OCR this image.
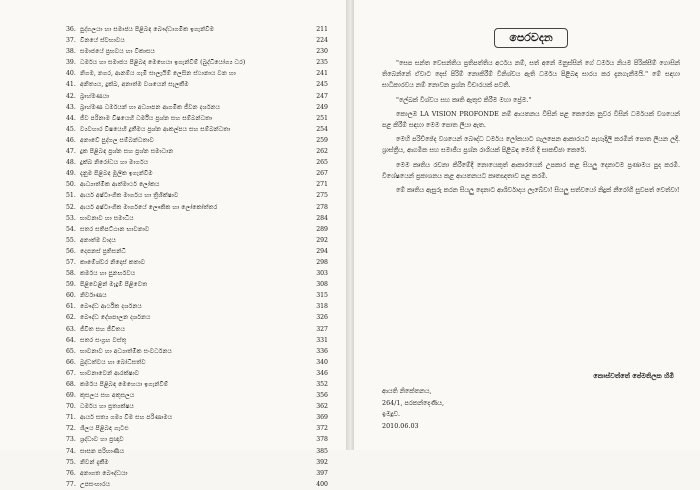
36. පුද්ගලයා හා සමාජය පිළිබඳ බෞද්ධාගමික ඉගැන්වීම	211
37. විනයේ ස්වභාවය	224
38. සමාජයේ ප්‍රභවය හා විකාසය	230
39. ධර්මය හා සමාජය පිළිබඳ මෙහෙයා ඉගැන්වීම් (බුද්ධියෝග්‍ය ධර)	235
40. නිගම, නගර, ආනම්ය ගැමි සාලැයිම් ලෙසින ස්ථානාය වන හා	241
41. අනිත්‍යය, දුක්ඛ, අනාත්ම වශයෙන් සැලකීම	245
42. බ්‍රාහ්මණයා	247
43. බ්‍රාහ්මණ ධර්මයන් හා අධ්‍යාපන ආගමික ජීවන දර්ශනය	249
44. ජීව පරිනාම විෂයෙහි ධර්මීය ප්‍රශ්න සහ සම්බන්ධතා	251
45. ව්‍යවහාර විෂයෙහි දූතීමය ප්‍රශ්න ආකල්පය සහ සම්බන්ධතා	254
46. අනාවේ පුද්ගල සම්බන්ධතාව	259
47. දුක පිළිබඳ ප්‍රශ්න සහ ප්‍රශ්න සමාධාන	262
48. දුක්ඛ නිරෝධය හා මාර්ගය	265
49. දැනුම පිළිබඳ මූලික ඉගැන්වීම	267
50. ආධ්‍යාත්මික ආත්මාර්ථ ලෝකය	271
51. ආර්ය අෂ්ටාංගික මාර්ගය හා ත්‍රිශික්ෂාව	275
52. ආර්ය අෂ්ටාංගික මාර්ගයේ ලෞකික හා ලෝකෝත්තර	278
53. භාවනාව හා සමාධිය	284
54. සතර සතිපට්ඨාන භාවනාව	289
55. අනාත්ම වාදය	292
56. දෙපනස් ප්‍රතිසන්ධි	294
57. කාමේශ්වර නිදොස් කතාව	298
58. කර්මය හා පුනර්භවය	303
59. පිළිවෙළින් මැදුම් පිළිවෙත	308
60. නිර්වාණය	315
61. බෞද්ධ ආර්ථික දර්ශනය	318
62. බෞද්ධ දේශපාලන දර්ශනය	326
63. ජීවිත සහ ජීවිතය	327
64. සතර සංග්‍රහ වස්තු	331
65. භාවනාව හා අධ්‍යාත්මික සංවර්ධනය	336
66. බුද්ධත්වය හා බෝධිසත්ව	340
67. භාවනාවෙන් ආරක්ෂාව	346
68. කර්මය පිළිබඳ මෙහෙයා ඉගැන්වීම්	352
69. කුසලය සහ අකුසලය	356
70. ධර්මය හා ප්‍රත්‍යක්ෂය	362
71. ආර්ය සත්‍ය ගම්‍ය වීම සහ පරිණාමය	369
72. ශීලය පිළිබඳ ගැටළු	372
73. ශ්‍රද්ධාව හා ප්‍රඥාව	378
74. සාසන පරිහාණිය	385
75. නිවන් දැකීම	392
76. අනාගත බෞද්ධයා	397
77. උපසංහාරය	400
පෙරවදන

"සෙප සන්ත වෙසන්තිය ප්‍රතිපත්තිය අර්ථය නම්, සත් අනේ මනුස්සින් ගේ ධර්මය නියම පිරික්සීම් ගොසින් තිබෙන්නේ ඒවාට දෙස් පිරිම් නොකිරීම් විනිශ්චය ඇති ධර්මය පිළිබඳ සාරය කර දැනගැනීමයි." මේ සඳහා සාධිකාරවය නම් නොවන ප්‍රශ්න විචාරයක් පවතී.

"ලේඛක් විශ්වය සහ කෘති ඇතුළු කිරීම මහා ප්‍රේ‍ම."

කොලඹ LA VISION PROFONDE නම් ආයතනය විසින් පළ කෙරෙන නුවර විසින් ධර්මයක් වශයෙන් පළ කිරීම් සඳහා මෙම පොත ලියා ඇත.

මෙහි පරිච්ඡේද වශයෙන් බෞද්ධ ධර්මය ලෝකයාට ගැලපෙන ආකාරයට පැහැදිලි කරමින් පොත ලියන ලදී. ශ්‍රාස්ත්‍රීය, ආගමික සහ සමාජීය ප්‍රශ්න රාශියක් පිළිබඳ මෙහි දී සාකච්ඡා කෙරේ.

මෙම කෘතිය රචනා කිරීමේදී නොයෙකුත් ආකාරයෙන් උපකාර කළ සියලු දෙනාටම ප්‍රණාමය පුද කරමි. විශේෂයෙන් ප්‍රකාශනය කළ ආයතනයට කෘතඥතාව පළ කරමි.

මේ කෘතිය ඇසුරු කරන සියලු දෙනාට ආශිර්වාදය ලැබේවා! සියලු සත්වයෝ නිදුක් නීරෝගී සුවපත් වෙත්වා!

කොස්වත්තේ පේමතිලක හිමි
ආයති නිකේතනය,
264/1, පරකන්දෙණිය,
ඉමදූව.
2010.06.03
